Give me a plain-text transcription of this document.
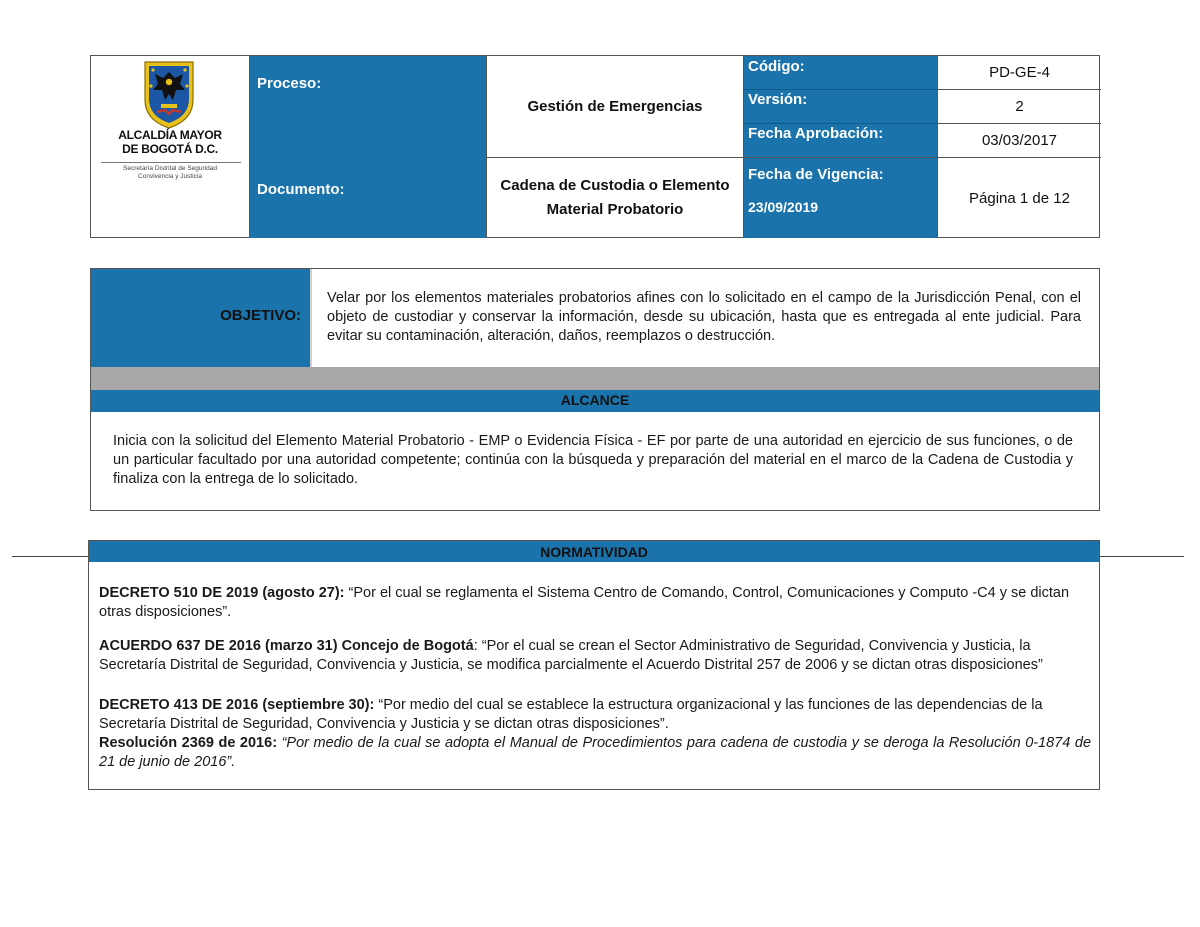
ALCALDÍA MAYOR
DE BOGOTÁ D.C.
Secretaría Distrital de Seguridad
Convivencia y Justicia
Proceso:
Documento:
Gestión de Emergencias
Cadena de Custodia o Elemento
Material Probatorio
Código:
Versión:
Fecha Aprobación:
Fecha de Vigencia:
23/09/2019
PD-GE-4
2
03/03/2017
Página 1 de 12
OBJETIVO:
Velar por los elementos materiales probatorios afines con lo solicitado en el campo de la Jurisdicción Penal, con el objeto de custodiar y conservar la información, desde su ubicación, hasta que es entregada al ente judicial. Para evitar su contaminación, alteración, daños, reemplazos o destrucción.
ALCANCE
Inicia con la solicitud del Elemento Material Probatorio - EMP o Evidencia Física - EF por parte de una autoridad en ejercicio de sus funciones, o de un particular facultado por una autoridad competente; continúa con la búsqueda y preparación del material en el marco de la Cadena de Custodia y finaliza con la entrega de lo solicitado.
NORMATIVIDAD
DECRETO 510 DE 2019 (agosto 27): “Por el cual se reglamenta el Sistema Centro de Comando, Control, Comunicaciones y Computo -C4 y se dictan otras disposiciones”.
ACUERDO 637 DE 2016 (marzo 31) Concejo de Bogotá: “Por el cual se crean el Sector Administrativo de Seguridad, Convivencia y Justicia, la Secretaría Distrital de Seguridad, Convivencia y Justicia, se modifica parcialmente el Acuerdo Distrital 257 de 2006 y se dictan otras disposiciones”
DECRETO 413 DE 2016 (septiembre 30): “Por medio del cual se establece la estructura organizacional y las funciones de las dependencias de la Secretaría Distrital de Seguridad, Convivencia y Justicia y se dictan otras disposiciones”.
Resolución 2369 de 2016: “Por medio de la cual se adopta el Manual de Procedimientos para cadena de custodia y se deroga la Resolución 0-1874 de 21 de junio de 2016”.
